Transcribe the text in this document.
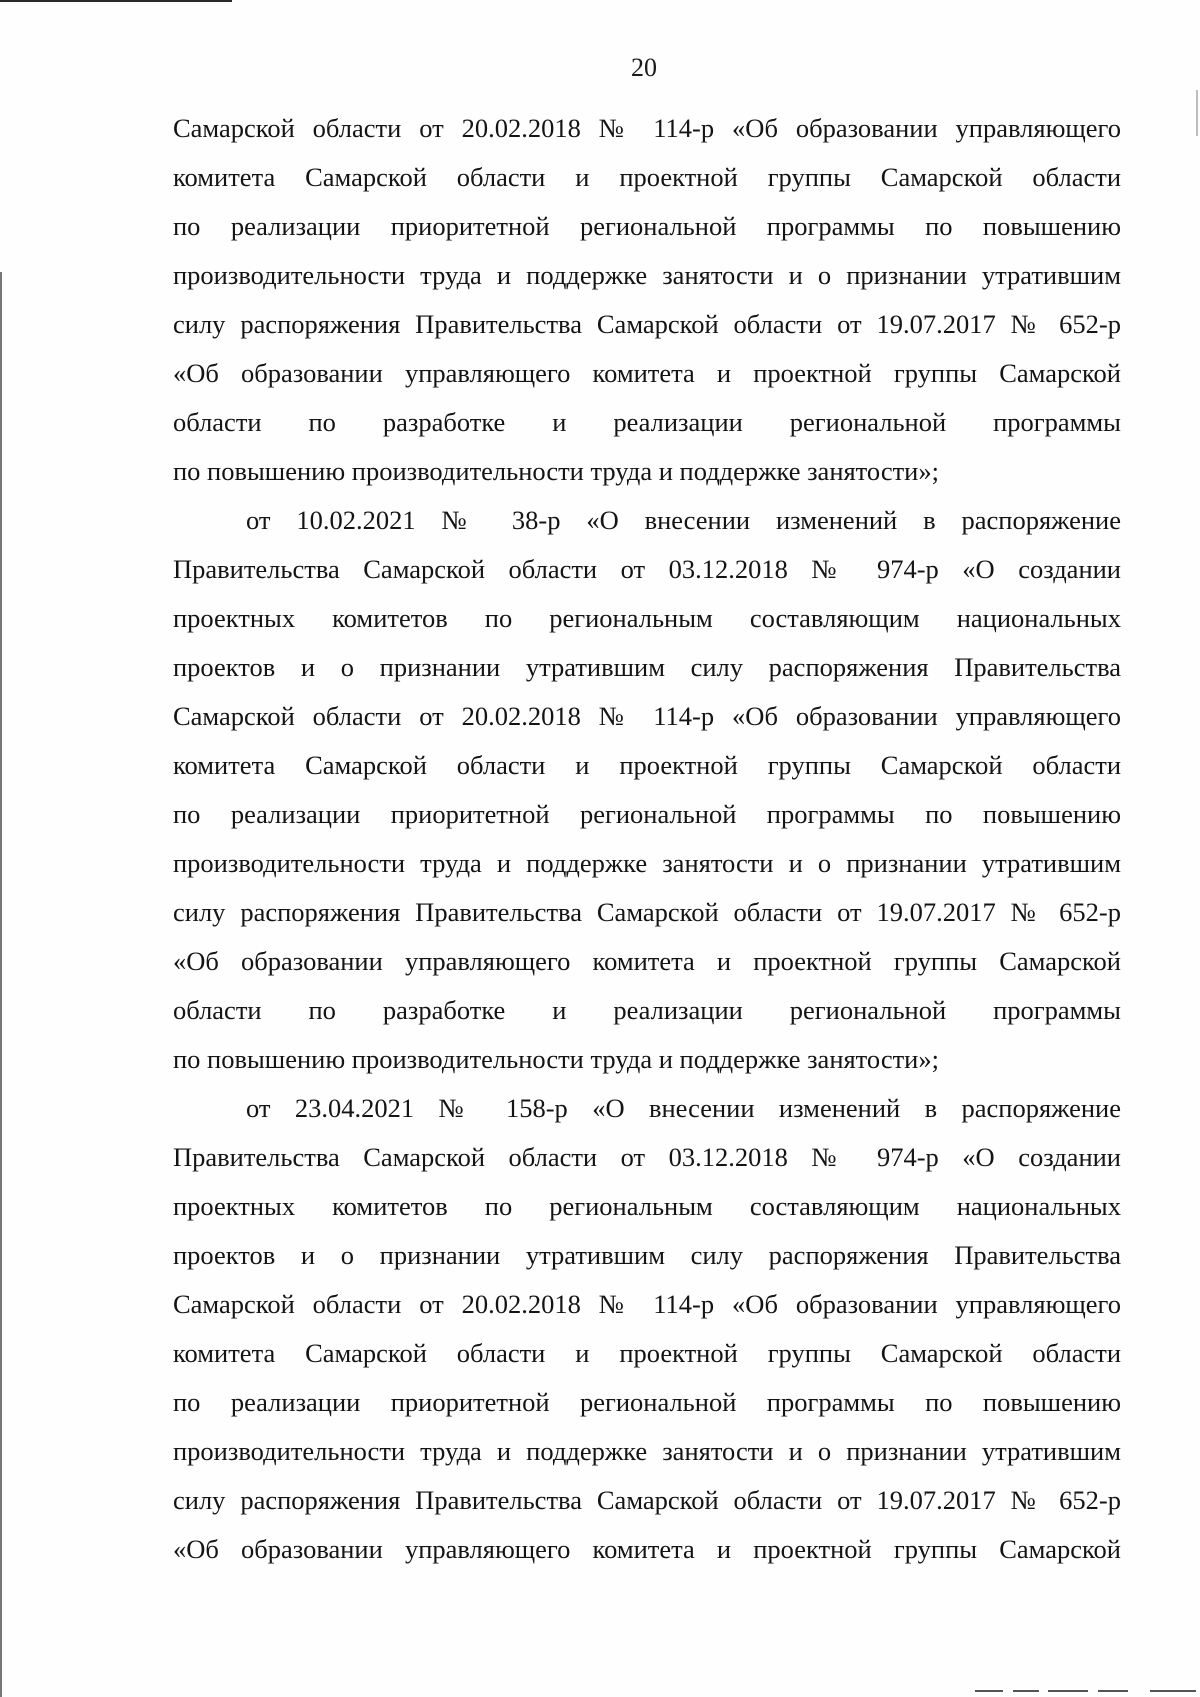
20
Самарской области от 20.02.2018 № 114-р «Об образовании управляющего
комитета Самарской области и проектной группы Самарской области
по реализации приоритетной региональной программы по повышению
производительности труда и поддержке занятости и о признании утратившим
силу распоряжения Правительства Самарской области от 19.07.2017 № 652-р
«Об образовании управляющего комитета и проектной группы Самарской
области по разработке и реализации региональной программы
по повышению производительности труда и поддержке занятости»;
от 10.02.2021 № 38-р «О внесении изменений в распоряжение
Правительства Самарской области от 03.12.2018 № 974-р «О создании
проектных комитетов по региональным составляющим национальных
проектов и о признании утратившим силу распоряжения Правительства
Самарской области от 20.02.2018 № 114-р «Об образовании управляющего
комитета Самарской области и проектной группы Самарской области
по реализации приоритетной региональной программы по повышению
производительности труда и поддержке занятости и о признании утратившим
силу распоряжения Правительства Самарской области от 19.07.2017 № 652-р
«Об образовании управляющего комитета и проектной группы Самарской
области по разработке и реализации региональной программы
по повышению производительности труда и поддержке занятости»;
от 23.04.2021 № 158-р «О внесении изменений в распоряжение
Правительства Самарской области от 03.12.2018 № 974-р «О создании
проектных комитетов по региональным составляющим национальных
проектов и о признании утратившим силу распоряжения Правительства
Самарской области от 20.02.2018 № 114-р «Об образовании управляющего
комитета Самарской области и проектной группы Самарской области
по реализации приоритетной региональной программы по повышению
производительности труда и поддержке занятости и о признании утратившим
силу распоряжения Правительства Самарской области от 19.07.2017 № 652-р
«Об образовании управляющего комитета и проектной группы Самарской
